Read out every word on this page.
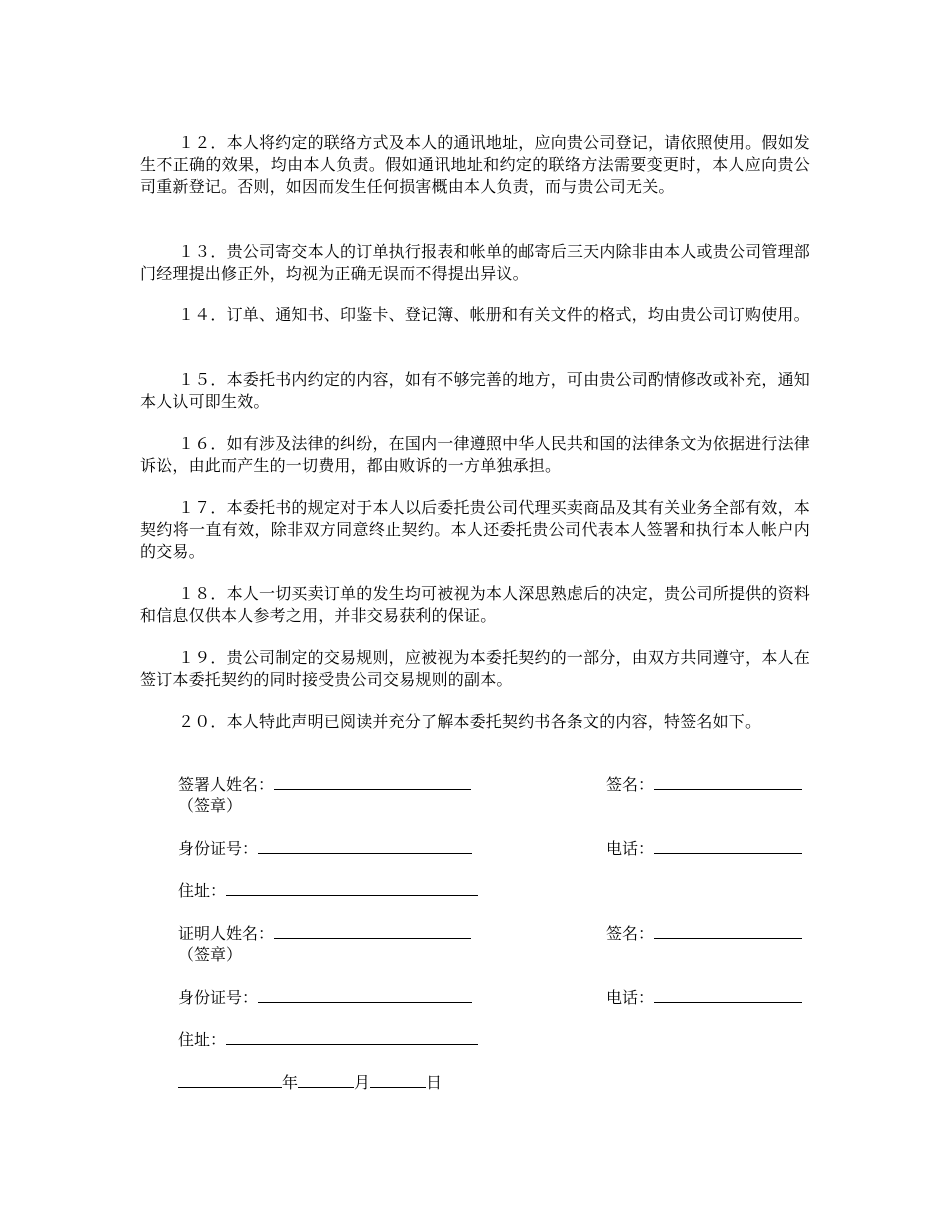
１２．本人将约定的联络方式及本人的通讯地址，应向贵公司登记，请依照使用。假如发生不正确的效果，均由本人负责。假如通讯地址和约定的联络方法需要变更时，本人应向贵公司重新登记。否则，如因而发生任何损害概由本人负责，而与贵公司无关。

１３．贵公司寄交本人的订单执行报表和帐单的邮寄后三天内除非由本人或贵公司管理部门经理提出修正外，均视为正确无误而不得提出异议。

１４．订单、通知书、印鉴卡、登记簿、帐册和有关文件的格式，均由贵公司订购使用。

１５．本委托书内约定的内容，如有不够完善的地方，可由贵公司酌情修改或补充，通知本人认可即生效。

１６．如有涉及法律的纠纷，在国内一律遵照中华人民共和国的法律条文为依据进行法律诉讼，由此而产生的一切费用，都由败诉的一方单独承担。

１７．本委托书的规定对于本人以后委托贵公司代理买卖商品及其有关业务全部有效，本契约将一直有效，除非双方同意终止契约。本人还委托贵公司代表本人签署和执行本人帐户内的交易。

１８．本人一切买卖订单的发生均可被视为本人深思熟虑后的决定，贵公司所提供的资料和信息仅供本人参考之用，并非交易获利的保证。

１９．贵公司制定的交易规则，应被视为本委托契约的一部分，由双方共同遵守，本人在签订本委托契约的同时接受贵公司交易规则的副本。

２０．本人特此声明已阅读并充分了解本委托契约书各条文的内容，特签名如下。

签署人姓名：
（签章）
签名：
身份证号：	电话：
住址：
证明人姓名：
（签章）
签名：
身份证号：	电话：
住址：
年	月	日
